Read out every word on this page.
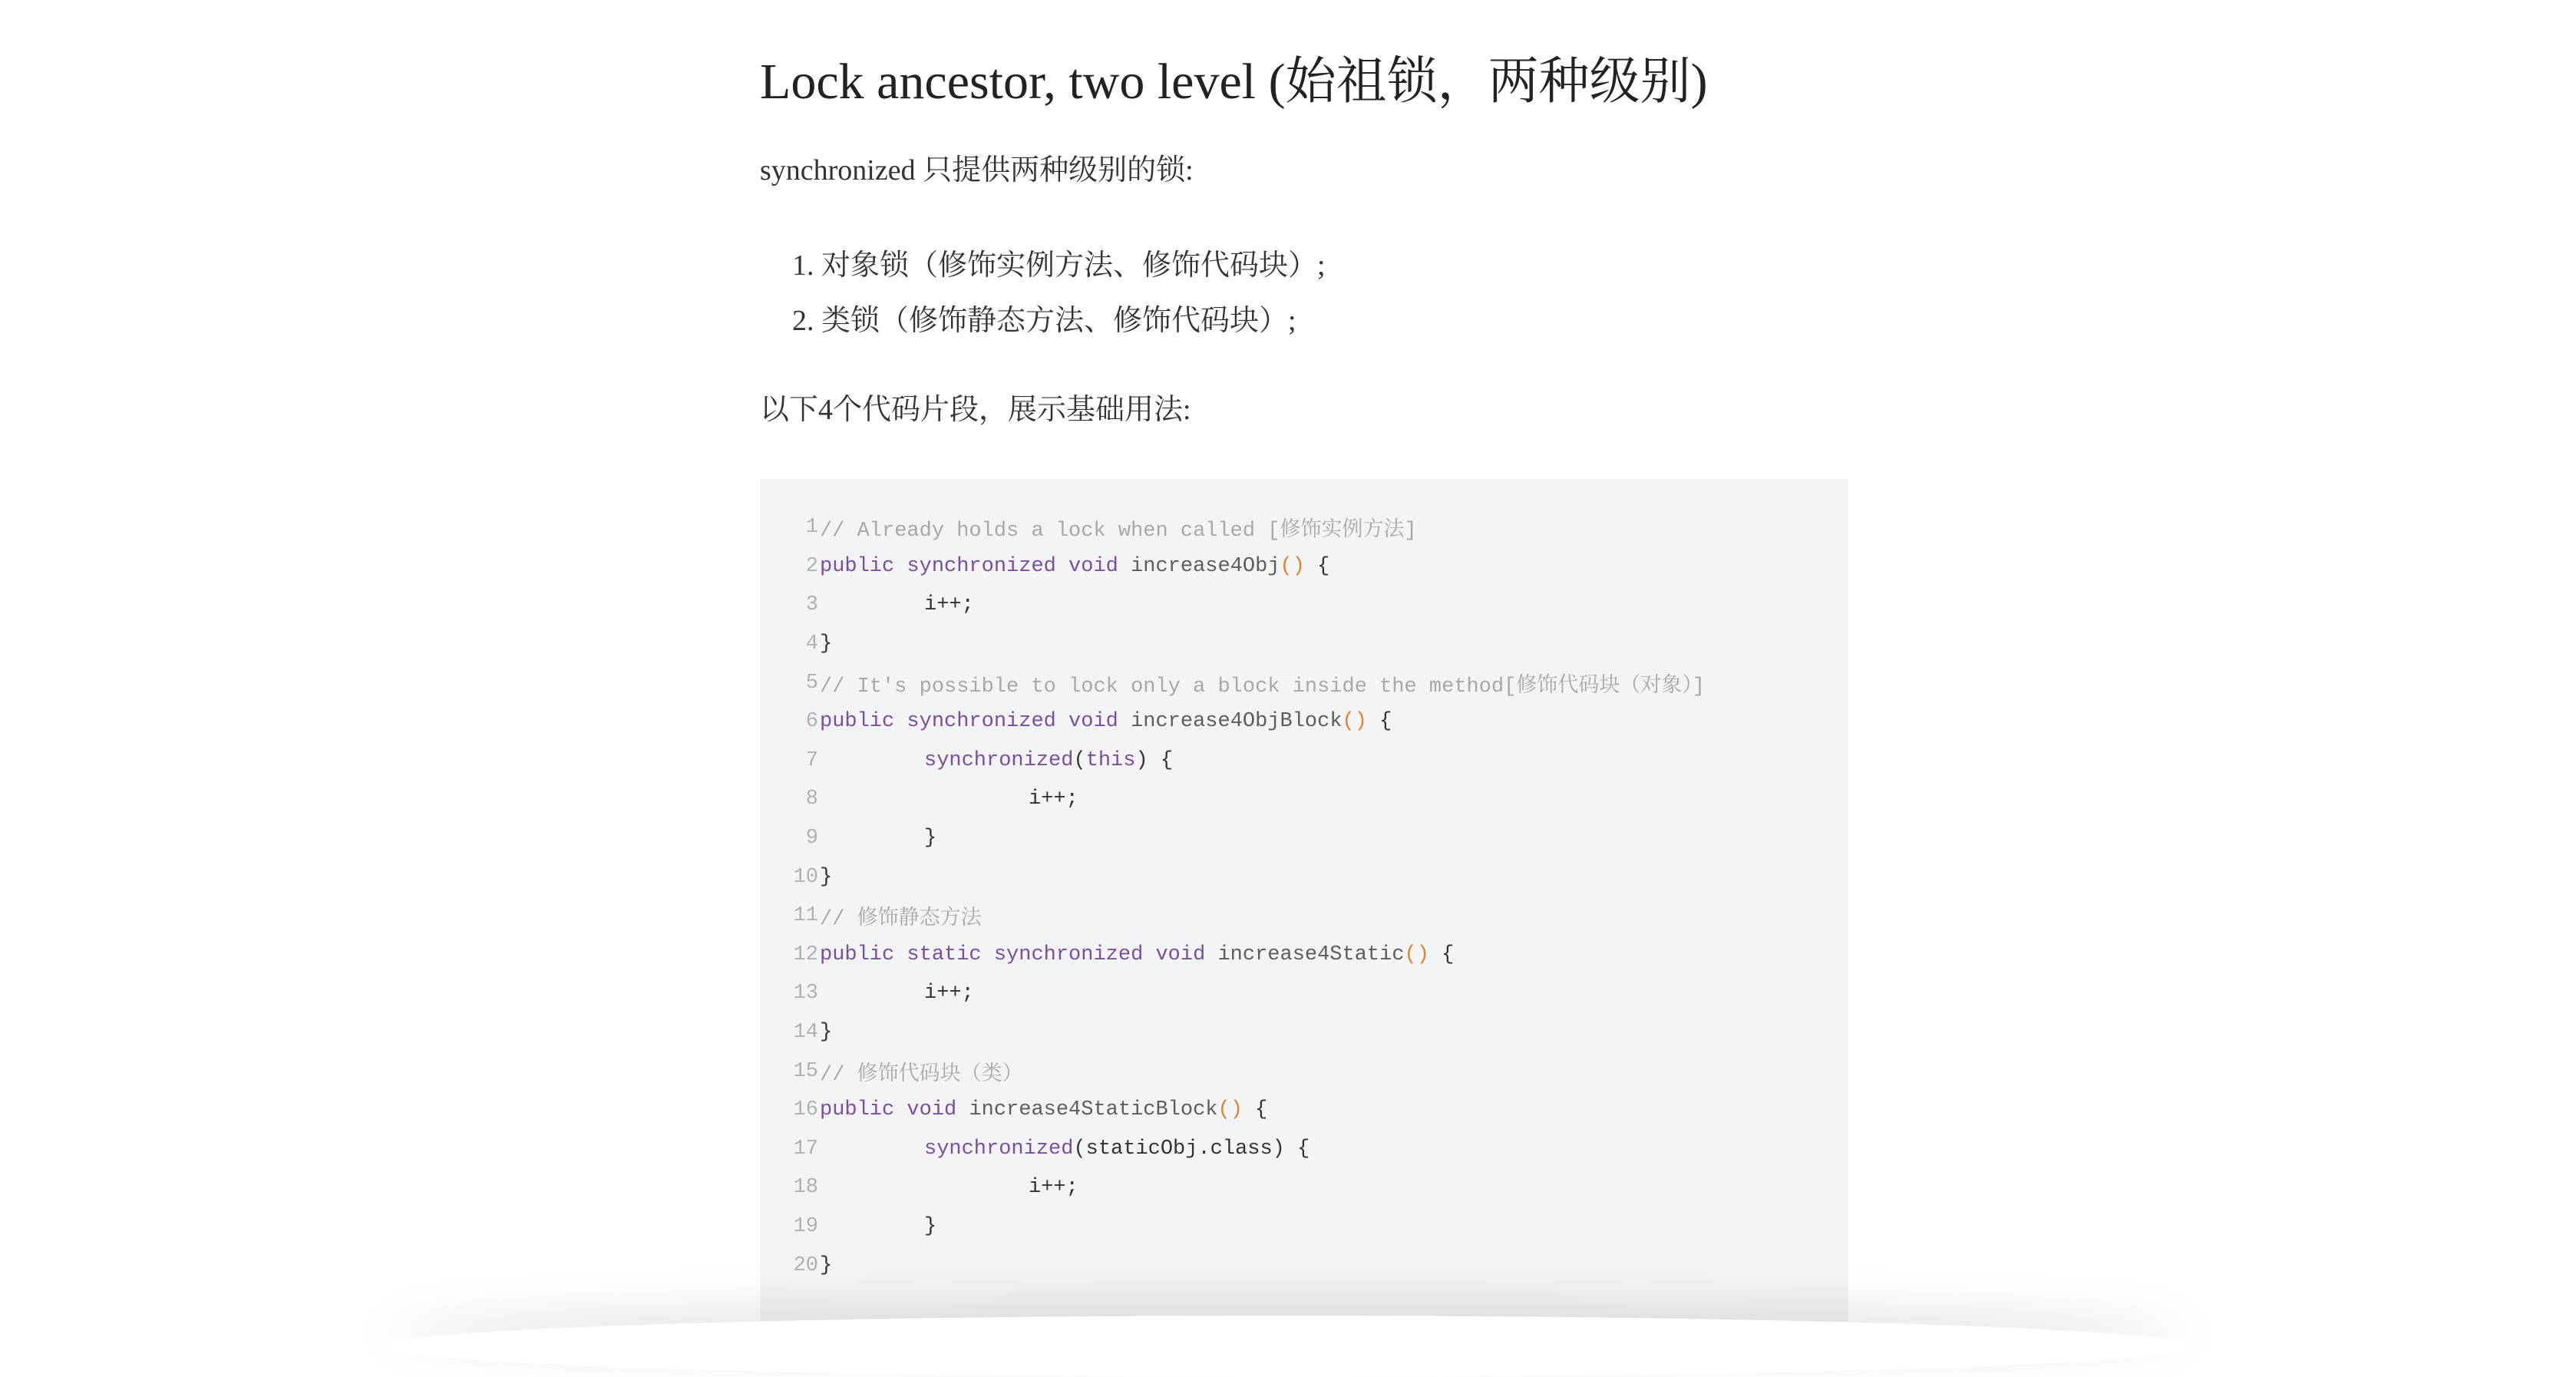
Lock ancestor, two level (始祖锁，两种级别)

synchronized 只提供两种级别的锁:

1. 对象锁（修饰实例方法、修饰代码块）;
2. 类锁（修饰静态方法、修饰代码块）;

以下4个代码片段，展示基础用法:

1 // Already holds a lock when called [修饰实例方法]
2 public synchronized void increase4Obj() {
3	i++;
4 }
5 // It's possible to lock only a block inside the method[修饰代码块（对象）]
6 public synchronized void increase4ObjBlock() {
7	synchronized(this) {
8	i++;
9	}
10 }
11 // 修饰静态方法
12 public static synchronized void increase4Static() {
13	i++;
14 }
15 // 修饰代码块（类）
16 public void increase4StaticBlock() {
17	synchronized(staticObj.class) {
18	i++;
19	}
20 }
